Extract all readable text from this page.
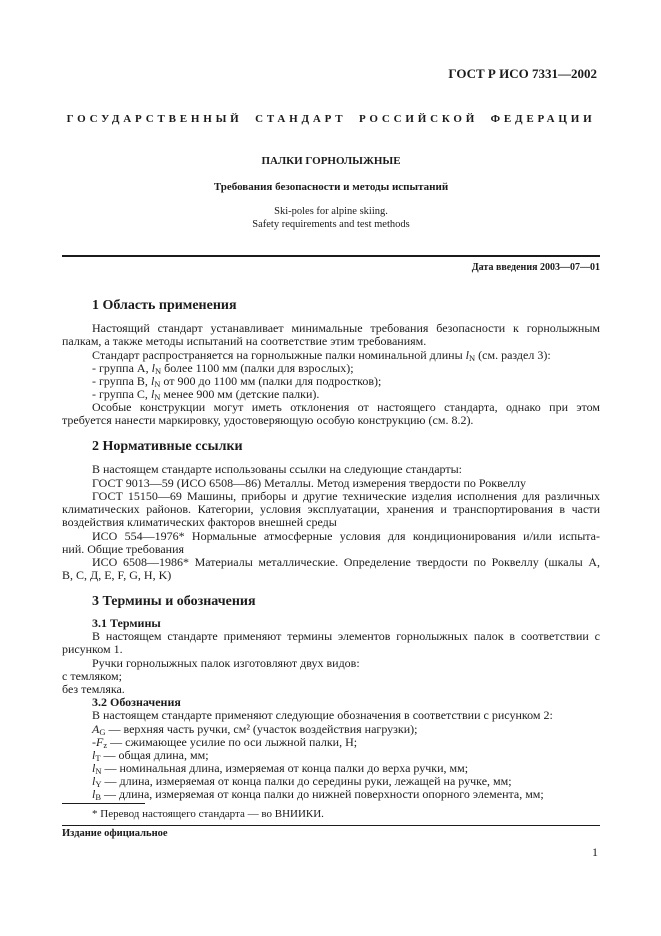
ГОСТ Р ИСО 7331—2002
ГОСУДАРСТВЕННЫЙ СТАНДАРТ РОССИЙСКОЙ ФЕДЕРАЦИИ
ПАЛКИ ГОРНОЛЫЖНЫЕ
Требования безопасности и методы испытаний
Ski-poles for alpine skiing.
Safety requirements and test methods
Дата введения 2003—07—01
1 Область применения
Настоящий стандарт устанавливает минимальные требования безопасности к горнолыжным
палкам, а также методы испытаний на соответствие этим требованиям.
Стандарт распространяется на горнолыжные палки номинальной длины $l_N$ (см. раздел 3):
- группа А, $l_N$ более 1100 мм (палки для взрослых);
- группа В, $l_N$ от 900 до 1100 мм (палки для подростков);
- группа С, $l_N$ менее 900 мм (детские палки).
Особые конструкции могут иметь отклонения от настоящего стандарта, однако при этом
требуется нанести маркировку, удостоверяющую особую конструкцию (см. 8.2).
2 Нормативные ссылки
В настоящем стандарте использованы ссылки на следующие стандарты:
ГОСТ 9013—59 (ИСО 6508—86) Металлы. Метод измерения твердости по Роквеллу
ГОСТ 15150—69 Машины, приборы и другие технические изделия исполнения для различных
климатических районов. Категории, условия эксплуатации, хранения и транспортирования в части
воздействия климатических факторов внешней среды
ИСО 554—1976* Нормальные атмосферные условия для кондиционирования и/или испыта-
ний. Общие требования
ИСО 6508—1986* Материалы металлические. Определение твердости по Роквеллу (шкалы А,
В, С, Д, E, F, G, H, K)
3 Термины и обозначения
3.1 Термины
В настоящем стандарте применяют термины элементов горнолыжных палок в соответствии с
рисунком 1.
Ручки горнолыжных палок изготовляют двух видов:
с темляком;
без темляка.
3.2 Обозначения
В настоящем стандарте применяют следующие обозначения в соответствии с рисунком 2:
$A_G$ — верхняя часть ручки, см² (участок воздействия нагрузки);
$-F_z$ — сжимающее усилие по оси лыжной палки, Н;
$l_T$ — общая длина, мм;
$l_N$ — номинальная длина, измеряемая от конца палки до верха ручки, мм;
$l_Y$ — длина, измеряемая от конца палки до середины руки, лежащей на ручке, мм;
$l_B$ — длина, измеряемая от конца палки до нижней поверхности опорного элемента, мм;
* Перевод настоящего стандарта — во ВНИИКИ.
Издание официальное
1
